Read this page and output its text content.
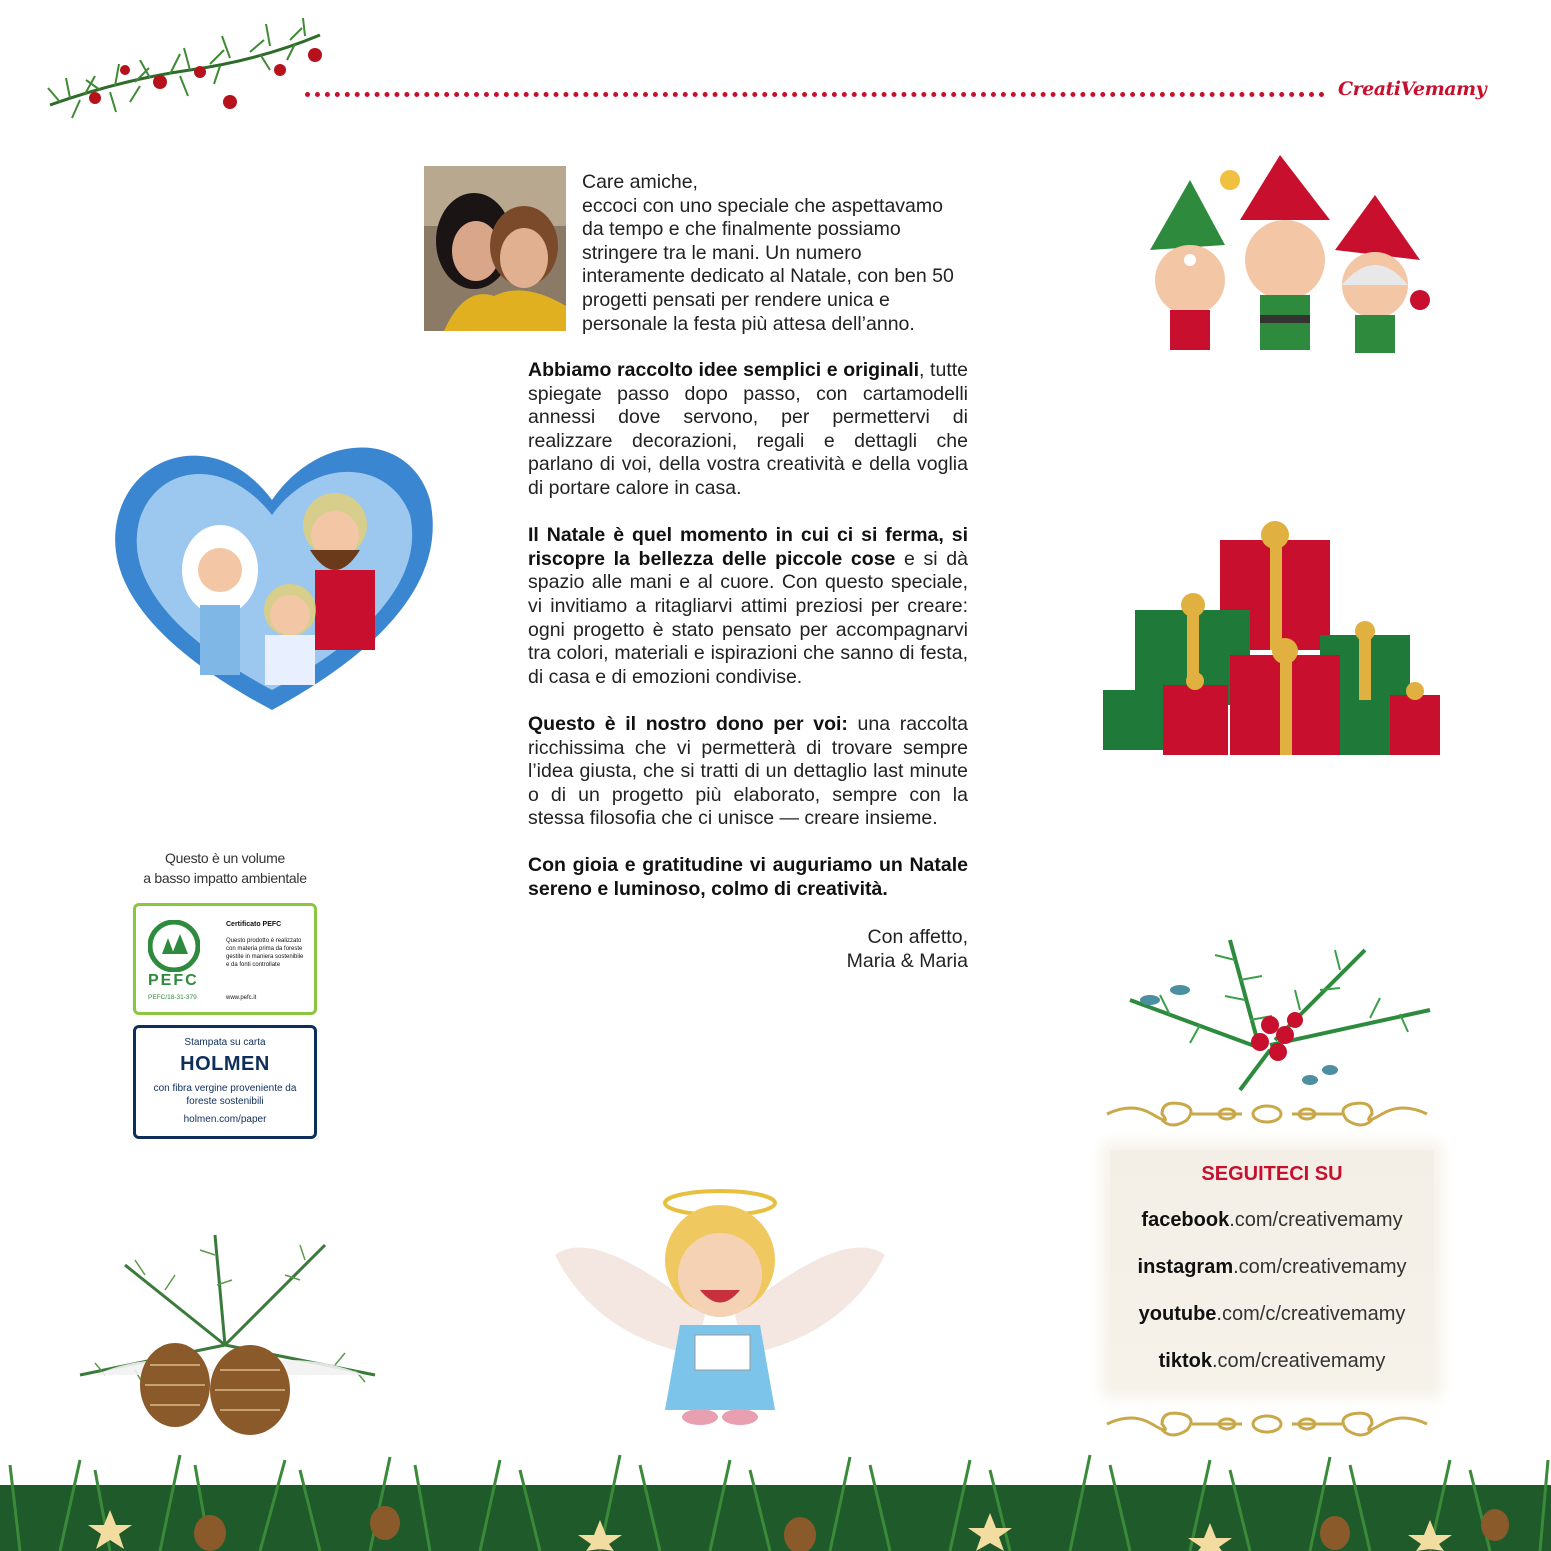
CreatiVemamy

Care amiche,

eccoci con uno speciale che aspettavamo da tempo e che finalmente possiamo stringere tra le mani. Un numero interamente dedicato al Natale, con ben 50 progetti pensati per rendere unica e personale la festa più attesa dell’anno.

Abbiamo raccolto idee semplici e originali, tutte spiegate passo dopo passo, con cartamodelli annessi dove servono, per permettervi di realizzare decorazioni, regali e dettagli che parlano di voi, della vostra creatività e della voglia di portare calore in casa.

Il Natale è quel momento in cui ci si ferma, si riscopre la bellezza delle piccole cose e si dà spazio alle mani e al cuore. Con questo speciale, vi invitiamo a ritagliarvi attimi preziosi per creare: ogni progetto è stato pensato per accompagnarvi tra colori, materiali e ispirazioni che sanno di festa, di casa e di emozioni condivise.

Questo è il nostro dono per voi: una raccolta ricchissima che vi permetterà di trovare sempre l’idea giusta, che si tratti di un dettaglio last minute o di un progetto più elaborato, sempre con la stessa filosofia che ci unisce — creare insieme.

Con gioia e gratitudine vi auguriamo un Natale sereno e luminoso, colmo di creatività.

Con affetto,
Maria & Maria
Questo è un volume
a basso impatto ambientale
PEFC
PEFC/18-31-379
Certificato PEFC
Questo prodotto è realizzato con materia prima da foreste gestite in maniera sostenibile e da fonti controllate
www.pefc.it
Stampata su carta
HOLMEN
con fibra vergine proveniente da foreste sostenibili
holmen.com/paper
SEGUITECI SU
facebook.com/creativemamy
instagram.com/creativemamy
youtube.com/c/creativemamy
tiktok.com/creativemamy
